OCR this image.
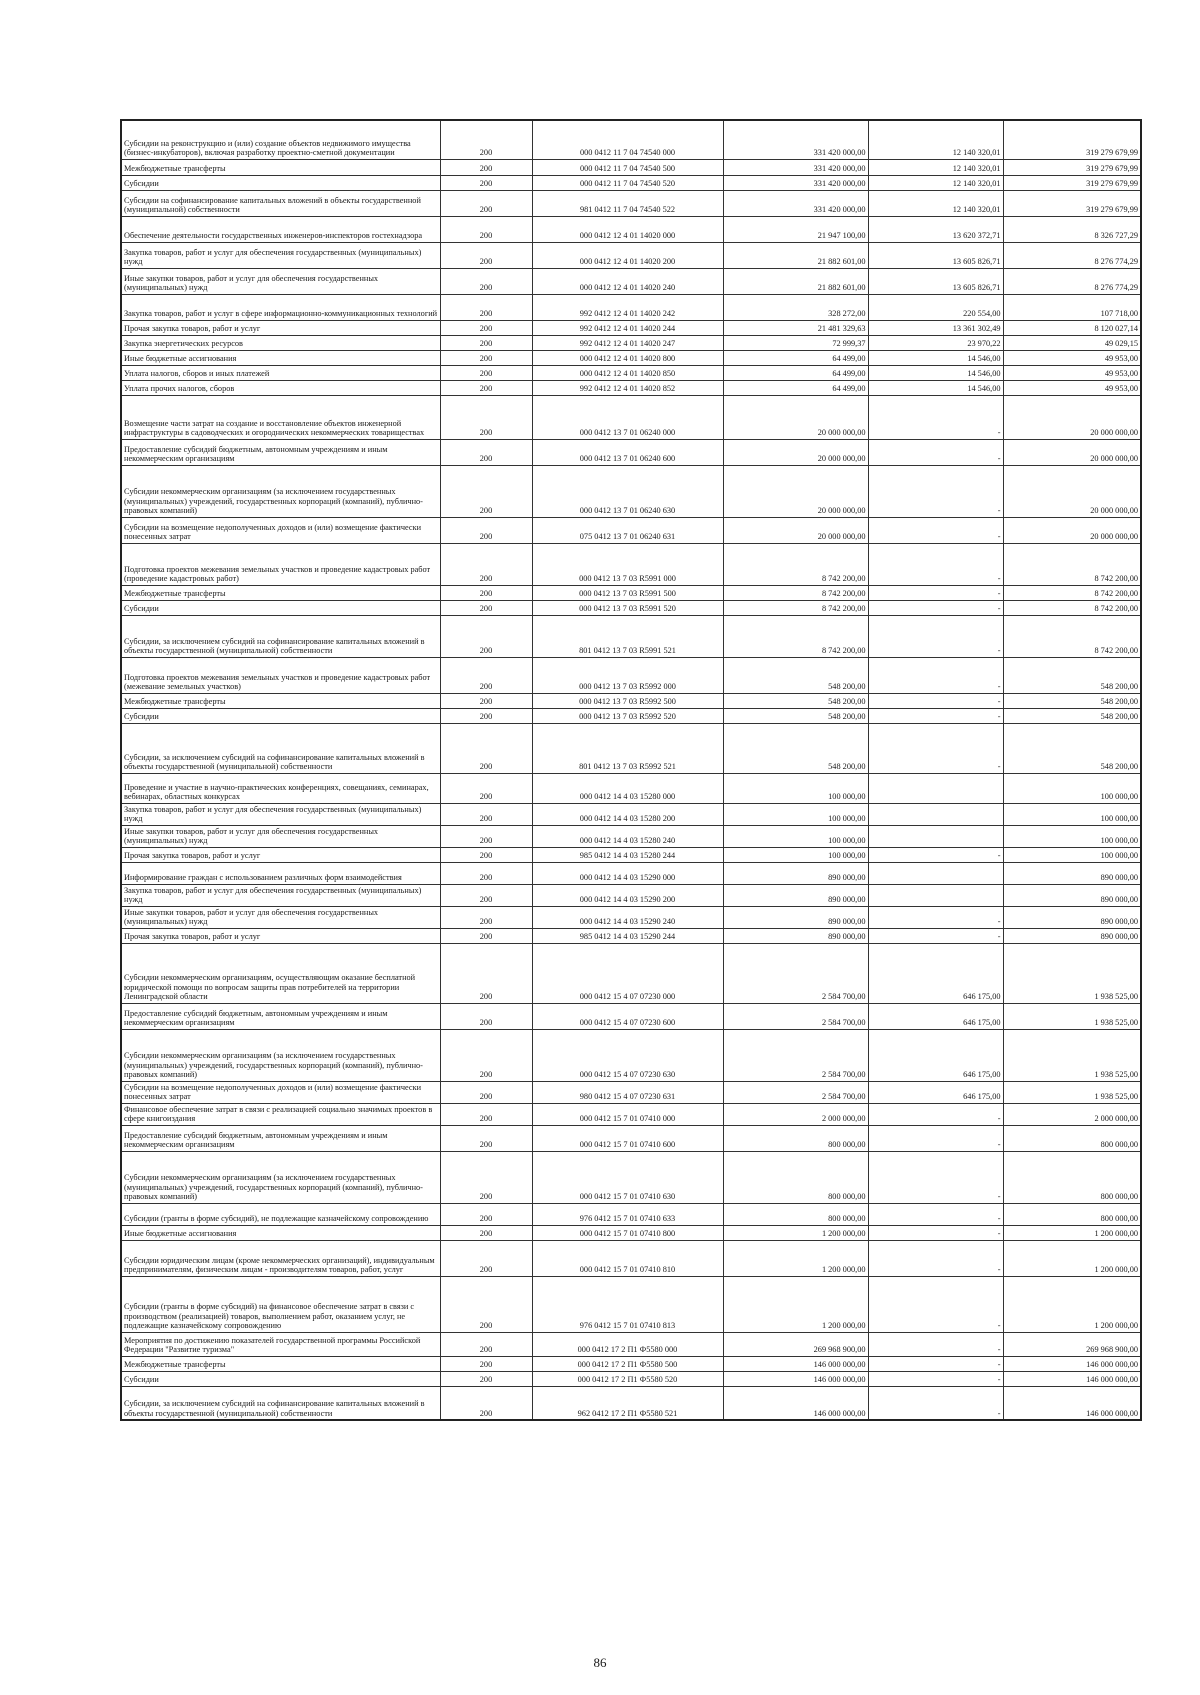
Субсидии на реконструкцию и (или) создание объектов недвижимого имущества (бизнес-инкубаторов), включая разработку проектно-сметной документации	200	000 0412 11 7 04 74540 000	331 420 000,00	12 140 320,01	319 279 679,99
Межбюджетные трансферты	200	000 0412 11 7 04 74540 500	331 420 000,00	12 140 320,01	319 279 679,99
Субсидии	200	000 0412 11 7 04 74540 520	331 420 000,00	12 140 320,01	319 279 679,99
Субсидии на софинансирование капитальных вложений в объекты государственной (муниципальной) собственности	200	981 0412 11 7 04 74540 522	331 420 000,00	12 140 320,01	319 279 679,99
Обеспечение деятельности государственных инженеров-инспекторов гостехнадзора	200	000 0412 12 4 01 14020 000	21 947 100,00	13 620 372,71	8 326 727,29
Закупка товаров, работ и услуг для обеспечения государственных (муниципальных) нужд	200	000 0412 12 4 01 14020 200	21 882 601,00	13 605 826,71	8 276 774,29
Иные закупки товаров, работ и услуг для обеспечения государственных (муниципальных) нужд	200	000 0412 12 4 01 14020 240	21 882 601,00	13 605 826,71	8 276 774,29
Закупка товаров, работ и услуг в сфере информационно-коммуникационных технологий	200	992 0412 12 4 01 14020 242	328 272,00	220 554,00	107 718,00
Прочая закупка товаров, работ и услуг	200	992 0412 12 4 01 14020 244	21 481 329,63	13 361 302,49	8 120 027,14
Закупка энергетических ресурсов	200	992 0412 12 4 01 14020 247	72 999,37	23 970,22	49 029,15
Иные бюджетные ассигнования	200	000 0412 12 4 01 14020 800	64 499,00	14 546,00	49 953,00
Уплата налогов, сборов и иных платежей	200	000 0412 12 4 01 14020 850	64 499,00	14 546,00	49 953,00
Уплата прочих налогов, сборов	200	992 0412 12 4 01 14020 852	64 499,00	14 546,00	49 953,00
Возмещение части затрат на создание и восстановление объектов инженерной инфраструктуры в садоводческих и огороднических некоммерческих товариществах	200	000 0412 13 7 01 06240 000	20 000 000,00	-	20 000 000,00
Предоставление субсидий бюджетным, автономным учреждениям и иным некоммерческим организациям	200	000 0412 13 7 01 06240 600	20 000 000,00	-	20 000 000,00
Субсидии некоммерческим организациям (за исключением государственных (муниципальных) учреждений, государственных корпораций (компаний), публично-правовых компаний)	200	000 0412 13 7 01 06240 630	20 000 000,00	-	20 000 000,00
Субсидии на возмещение недополученных доходов и (или) возмещение фактически понесенных затрат	200	075 0412 13 7 01 06240 631	20 000 000,00	-	20 000 000,00
Подготовка проектов межевания земельных участков и проведение кадастровых работ (проведение кадастровых работ)	200	000 0412 13 7 03 R5991 000	8 742 200,00	-	8 742 200,00
Межбюджетные трансферты	200	000 0412 13 7 03 R5991 500	8 742 200,00	-	8 742 200,00
Субсидии	200	000 0412 13 7 03 R5991 520	8 742 200,00	-	8 742 200,00
Субсидии, за исключением субсидий на софинансирование капитальных вложений в объекты государственной (муниципальной) собственности	200	801 0412 13 7 03 R5991 521	8 742 200,00	-	8 742 200,00
Подготовка проектов межевания земельных участков и проведение кадастровых работ (межевание земельных участков)	200	000 0412 13 7 03 R5992 000	548 200,00	-	548 200,00
Межбюджетные трансферты	200	000 0412 13 7 03 R5992 500	548 200,00	-	548 200,00
Субсидии	200	000 0412 13 7 03 R5992 520	548 200,00	-	548 200,00
Субсидии, за исключением субсидий на софинансирование капитальных вложений в объекты государственной (муниципальной) собственности	200	801 0412 13 7 03 R5992 521	548 200,00	-	548 200,00
Проведение и участие в научно-практических конференциях, совещаниях, семинарах, вебинарах, областных конкурсах	200	000 0412 14 4 03 15280 000	100 000,00		100 000,00
Закупка товаров, работ и услуг для обеспечения государственных (муниципальных) нужд	200	000 0412 14 4 03 15280 200	100 000,00		100 000,00
Иные закупки товаров, работ и услуг для обеспечения государственных (муниципальных) нужд	200	000 0412 14 4 03 15280 240	100 000,00		100 000,00
Прочая закупка товаров, работ и услуг	200	985 0412 14 4 03 15280 244	100 000,00	-	100 000,00
Информирование граждан с использованием различных форм взаимодействия	200	000 0412 14 4 03 15290 000	890 000,00		890 000,00
Закупка товаров, работ и услуг для обеспечения государственных (муниципальных) нужд	200	000 0412 14 4 03 15290 200	890 000,00		890 000,00
Иные закупки товаров, работ и услуг для обеспечения государственных (муниципальных) нужд	200	000 0412 14 4 03 15290 240	890 000,00	-	890 000,00
Прочая закупка товаров, работ и услуг	200	985 0412 14 4 03 15290 244	890 000,00	-	890 000,00
Субсидии некоммерческим организациям, осуществляющим оказание бесплатной юридической помощи по вопросам защиты прав потребителей на территории Ленинградской области	200	000 0412 15 4 07 07230 000	2 584 700,00	646 175,00	1 938 525,00
Предоставление субсидий бюджетным, автономным учреждениям и иным некоммерческим организациям	200	000 0412 15 4 07 07230 600	2 584 700,00	646 175,00	1 938 525,00
Субсидии некоммерческим организациям (за исключением государственных (муниципальных) учреждений, государственных корпораций (компаний), публично-правовых компаний)	200	000 0412 15 4 07 07230 630	2 584 700,00	646 175,00	1 938 525,00
Субсидии на возмещение недополученных доходов и (или) возмещение фактически понесенных затрат	200	980 0412 15 4 07 07230 631	2 584 700,00	646 175,00	1 938 525,00
Финансовое обеспечение затрат в связи с реализацией социально значимых проектов в сфере книгоиздания	200	000 0412 15 7 01 07410 000	2 000 000,00	-	2 000 000,00
Предоставление субсидий бюджетным, автономным учреждениям и иным некоммерческим организациям	200	000 0412 15 7 01 07410 600	800 000,00	-	800 000,00
Субсидии некоммерческим организациям (за исключением государственных (муниципальных) учреждений, государственных корпораций (компаний), публично-правовых компаний)	200	000 0412 15 7 01 07410 630	800 000,00	-	800 000,00
Субсидии (гранты в форме субсидий), не подлежащие казначейскому сопровождению	200	976 0412 15 7 01 07410 633	800 000,00	-	800 000,00
Иные бюджетные ассигнования	200	000 0412 15 7 01 07410 800	1 200 000,00	-	1 200 000,00
Субсидии юридическим лицам (кроме некоммерческих организаций), индивидуальным предпринимателям, физическим лицам - производителям товаров, работ, услуг	200	000 0412 15 7 01 07410 810	1 200 000,00	-	1 200 000,00
Субсидии (гранты в форме субсидий) на финансовое обеспечение затрат в связи с производством (реализацией) товаров, выполнением работ, оказанием услуг, не подлежащие казначейскому сопровождению	200	976 0412 15 7 01 07410 813	1 200 000,00	-	1 200 000,00
Мероприятия по достижению показателей государственной программы Российской Федерации "Развитие туризма"	200	000 0412 17 2 П1 Ф5580 000	269 968 900,00	-	269 968 900,00
Межбюджетные трансферты	200	000 0412 17 2 П1 Ф5580 500	146 000 000,00	-	146 000 000,00
Субсидии	200	000 0412 17 2 П1 Ф5580 520	146 000 000,00	-	146 000 000,00
Субсидии, за исключением субсидий на софинансирование капитальных вложений в объекты государственной (муниципальной) собственности	200	962 0412 17 2 П1 Ф5580 521	146 000 000,00	-	146 000 000,00
86
